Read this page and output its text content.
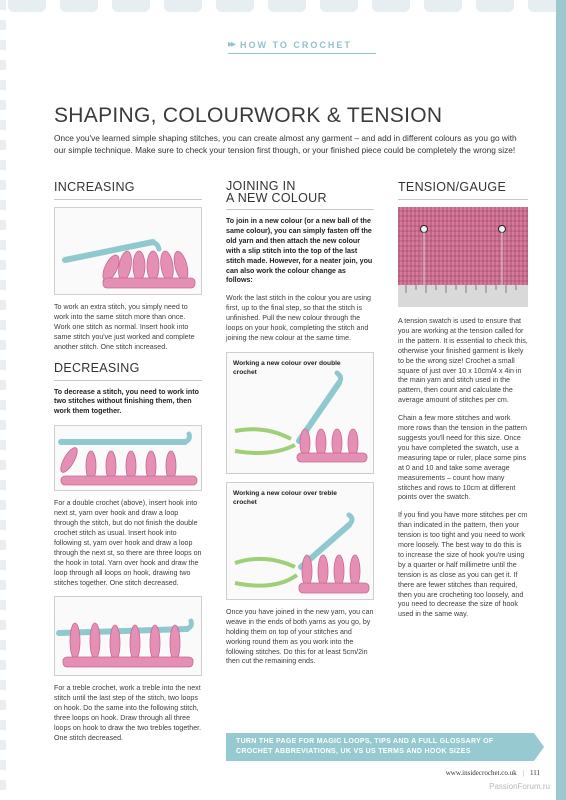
▸▸ HOW TO CROCHET
SHAPING, COLOURWORK & TENSION

Once you've learned simple shaping stitches, you can create almost any garment – and add in different colours as you go with our simple technique. Make sure to check your tension first though, or your finished piece could be completely the wrong size!

INCREASING

To work an extra stitch, you simply need to work into the same stitch more than once. Work one stitch as normal. Insert hook into same stitch you've just worked and complete another stitch. One stitch increased.

DECREASING

To decrease a stitch, you need to work into two stitches without finishing them, then work them together.

For a double crochet (above), insert hook into next st, yarn over hook and draw a loop through the stitch, but do not finish the double crochet stitch as usual. Insert hook into following st, yarn over hook and draw a loop through the next st, so there are three loops on the hook in total. Yarn over hook and draw the loop through all loops on hook, drawing two stitches together. One stitch decreased.

For a treble crochet, work a treble into the next stitch until the last step of the stitch, two loops on hook. Do the same into the following stitch, three loops on hook. Draw through all three loops on hook to draw the two trebles together. One stitch decreased.

JOINING IN
A NEW COLOUR

To join in a new colour (or a new ball of the same colour), you can simply fasten off the old yarn and then attach the new colour with a slip stitch into the top of the last stitch made. However, for a neater join, you can also work the colour change as follows:

Work the last stitch in the colour you are using first, up to the final step, so that the stitch is unfinished. Pull the new colour through the loops on your hook, completing the stitch and joining the new colour at the same time.

Working a new colour over double crochet
Working a new colour over treble crochet

Once you have joined in the new yarn, you can weave in the ends of both yarns as you go, by holding them on top of your stitches and working round them as you work into the following stitches. Do this for at least 5cm/2in then cut the remaining ends.

TENSION/GAUGE

A tension swatch is used to ensure that you are working at the tension called for in the pattern. It is essential to check this, otherwise your finished garment is likely to be the wrong size! Crochet a small square of just over 10 x 10cm/4 x 4in in the main yarn and stitch used in the pattern, then count and calculate the average amount of stitches per cm.

Chain a few more stitches and work more rows than the tension in the pattern suggests you'll need for this size. Once you have completed the swatch, use a measuring tape or ruler, place some pins at 0 and 10 and take some average measurements – count how many stitches and rows to 10cm at different points over the swatch.

If you find you have more stitches per cm than indicated in the pattern, then your tension is too tight and you need to work more loosely. The best way to do this is to increase the size of hook you're using by a quarter or half millimetre until the tension is as close as you can get it. If there are fewer stitches than required, then you are crocheting too loosely, and you need to decrease the size of hook used in the same way.

TURN THE PAGE FOR MAGIC LOOPS, TIPS AND A FULL GLOSSARY OF CROCHET ABBREVIATIONS, UK VS US TERMS AND HOOK SIZES
www.insidecrochet.co.uk | 111
PassionForum.ru
